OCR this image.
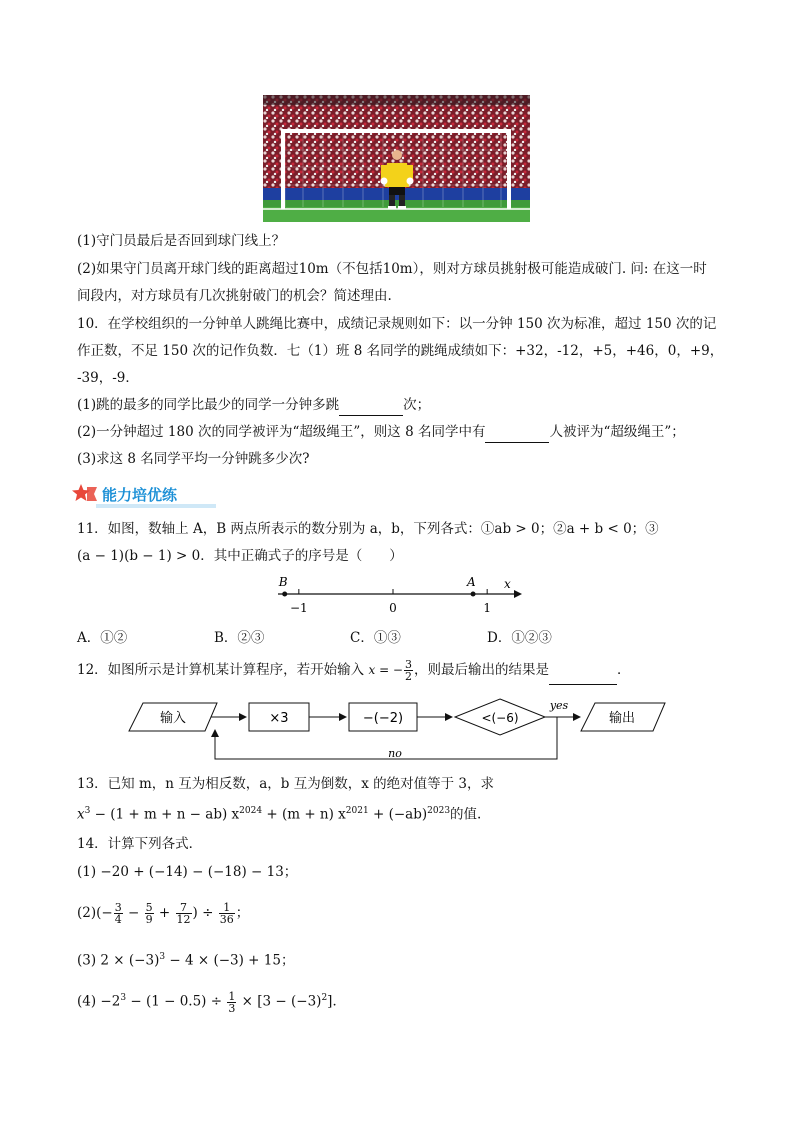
(1)守门员最后是否回到球门线上？
(2)如果守门员离开球门线的距离超过10m（不包括10m），则对方球员挑射极可能造成破门. 问: 在这一时
间段内，对方球员有几次挑射破门的机会？简述理由.
10．在学校组织的一分钟单人跳绳比赛中，成绩记录规则如下：以一分钟 150 次为标准，超过 150 次的记
作正数，不足 150 次的记作负数．七（1）班 8 名同学的跳绳成绩如下：+32，-12，+5，+46，0，+9，
-39，-9．
(1)跳的最多的同学比最少的同学一分钟多跳	次；
(2)一分钟超过 180 次的同学被评为“超级绳王”，则这 8 名同学中有	人被评为“超级绳王”；
(3)求这 8 名同学平均一分钟跳多少次?
能力培优练
11．如图，数轴上 A，B 两点所表示的数分别为 a，b，下列各式：①ab > 0；②a + b < 0；③
(a − 1)(b − 1) > 0．其中正确式子的序号是（　　）
B	A x
−1	0	1
A．①②	B．②③	C．①③	D．①②③
12．如图所示是计算机某计算程序，若开始输入 x = − $\frac{3}{2}$ ，则最后输出的结果是	．
输入	×3	−(−2)	<(−6)
yes
输出
no
13．已知 m，n 互为相反数，a，b 互为倒数，x 的绝对值等于 3，求
$x^3 - (1 + m + n - ab) x^{2024} + (m + n) x^{2021} + (-ab)^{2023}$的值.
14．计算下列各式．
(1) −20 + (−14) − (−18) − 13；
$(2)(- \frac{3}{4} - \frac{5}{9} + \frac{7}{12}$ ) ÷ $\frac{1}{36}$ ；
(3) $2 \times (-3)^3 - 4 \times (-3) + 15$；
$(4) -2^3 - (1 - 0.5) \div \frac{1}{3} \times [3 - (-3)^2]$．
